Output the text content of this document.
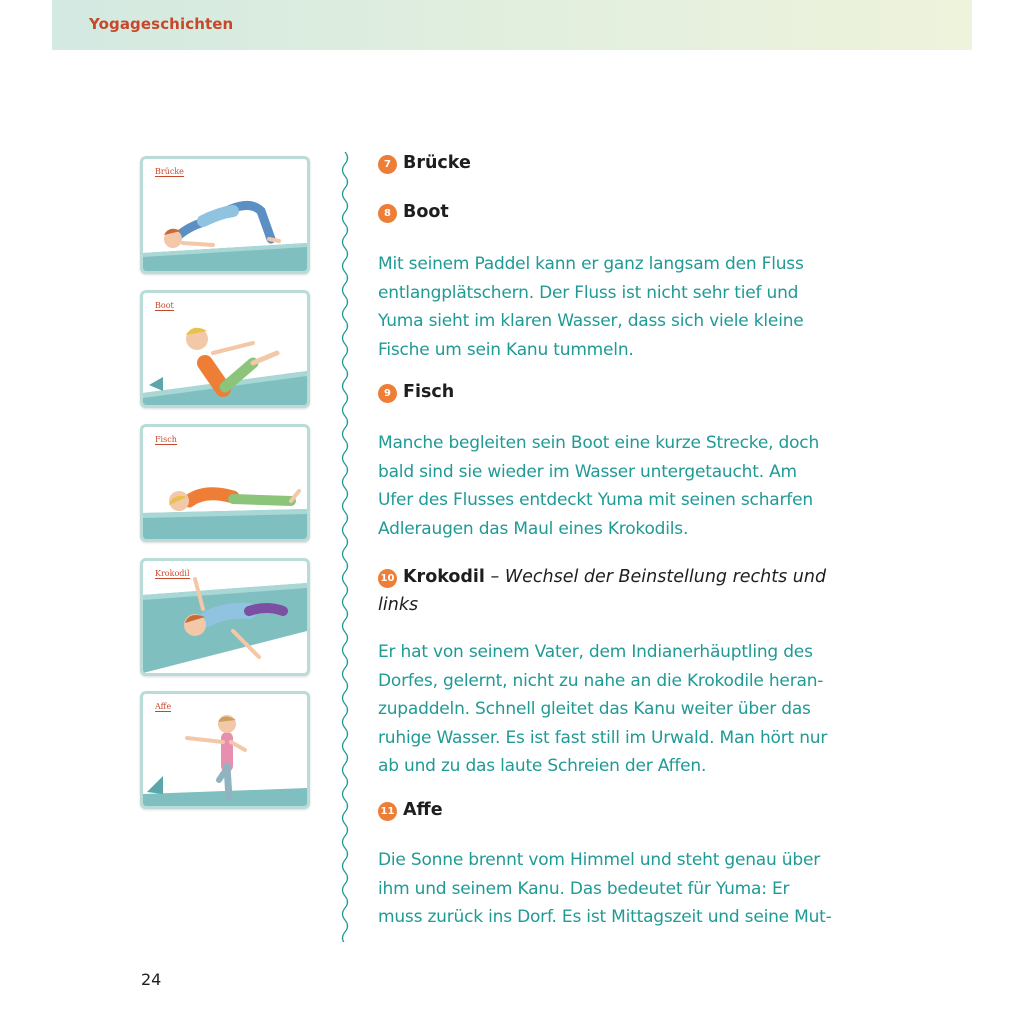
Yogageschichten
Brücke
Boot
Fisch
Krokodil
Affe
7 Brücke
8 Boot
Mit seinem Paddel kann er ganz langsam den Fluss
entlangplätschern. Der Fluss ist nicht sehr tief und
Yuma sieht im klaren Wasser, dass sich viele kleine
Fische um sein Kanu tummeln.
9 Fisch
Manche begleiten sein Boot eine kurze Strecke, doch
bald sind sie wieder im Wasser untergetaucht. Am
Ufer des Flusses entdeckt Yuma mit seinen scharfen
Adleraugen das Maul eines Krokodils.
10 Krokodil – Wechsel der Beinstellung rechts und
links
Er hat von seinem Vater, dem Indianerhäuptling des
Dorfes, gelernt, nicht zu nahe an die Krokodile heran-
zupaddeln. Schnell gleitet das Kanu weiter über das
ruhige Wasser. Es ist fast still im Urwald. Man hört nur
ab und zu das laute Schreien der Affen.
11 Affe
Die Sonne brennt vom Himmel und steht genau über
ihm und seinem Kanu. Das bedeutet für Yuma: Er
muss zurück ins Dorf. Es ist Mittagszeit und seine Mut-
24
